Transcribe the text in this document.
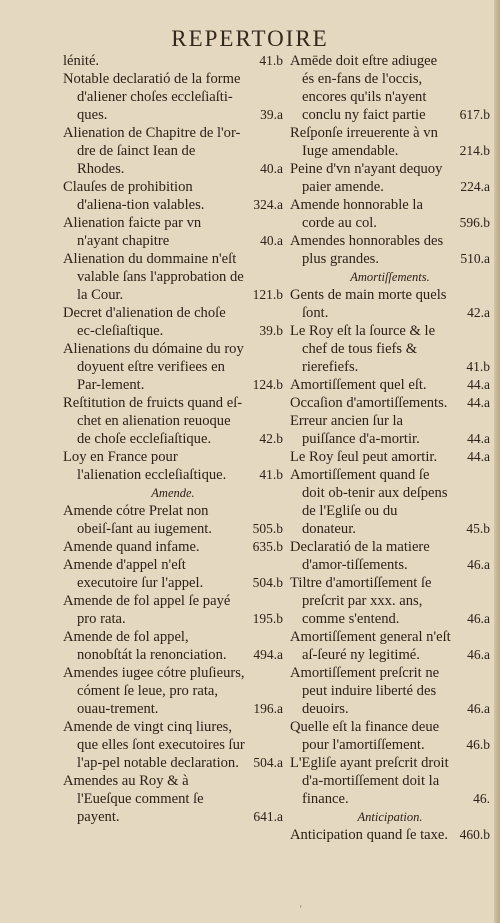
REPERTOIRE
lénité.	41.b
Notable declaratió de la forme d'aliener choſes eccleſiaſti-ques.	39.a
Alienation de Chapitre de l'or-dre de ſainct Iean de Rhodes.	40.a
Clauſes de prohibition d'aliena-tion valables.	324.a
Alienation faicte par vn n'ayant chapitre	40.a
Alienation du dommaine n'eſt valable ſans l'approbation de la Cour.	121.b
Decret d'alienation de choſe ec-cleſiaſtique.	39.b
Alienations du dómaine du roy doyuent eſtre verifiees en Par-lement.	124.b
Reſtitution de fruicts quand eſ-chet en alienation reuoque de choſe eccleſiaſtique.	42.b
Loy en France pour l'alienation eccleſiaſtique. 41.b
Amende.
Amende cótre Prelat non obeiſ-ſant au iugement.	505.b
Amende quand infame.	635.b
Amende d'appel n'eſt executoire ſur l'appel.	504.b
Amende de fol appel ſe payé pro rata.	195.b
Amende de fol appel, nonobſtát la renonciation. 494.a
Amendes iugee cótre pluſieurs, cóment ſe leue, pro rata, ouau-trement.	196.a
Amende de vingt cinq liures, que elles ſont executoires ſur l'ap-pel notable declaration. 504.a
Amendes au Roy & à l'Eueſque comment ſe payent.	641.a
Amēde doit eſtre adiugee és en-fans de l'occis, encores qu'ils n'ayent conclu ny faict partie	617.b
Reſponſe irreuerente à vn Iuge amendable.	214.b
Peine d'vn n'ayant dequoy paier amende.	224.a
Amende honnorable la corde au col.	596.b
Amendes honnorables des plus grandes.	510.a
Amortiſſements.
Gents de main morte quels ſont.	42.a
Le Roy eſt la ſource & le chef de tous fiefs & rierefiefs.	41.b
Amortiſſement quel eſt.	44.a
Occaſion d'amortiſſements. 44.a
Erreur ancien ſur la puiſſance d'a-mortir.	44.a
Le Roy ſeul peut amortir. 44.a
Amortiſſement quand ſe doit ob-tenir aux deſpens de l'Egliſe ou du donateur.	45.b
Declaratió de la matiere d'amor-tiſſements.	46.a
Tiltre d'amortiſſement ſe preſcrit par xxx. ans, comme s'entend.	46.a
Amortiſſement general n'eſt aſ-ſeuré ny legitimé.	46.a
Amortiſſement preſcrit ne peut induire liberté des deuoirs.	46.a
Quelle eſt la finance deue pour l'amortiſſement.	46.b
L'Egliſe ayant preſcrit droit d'a-mortiſſement doit la finance.	46.
Anticipation.
Anticipation quand ſe taxe. 460.b
'
